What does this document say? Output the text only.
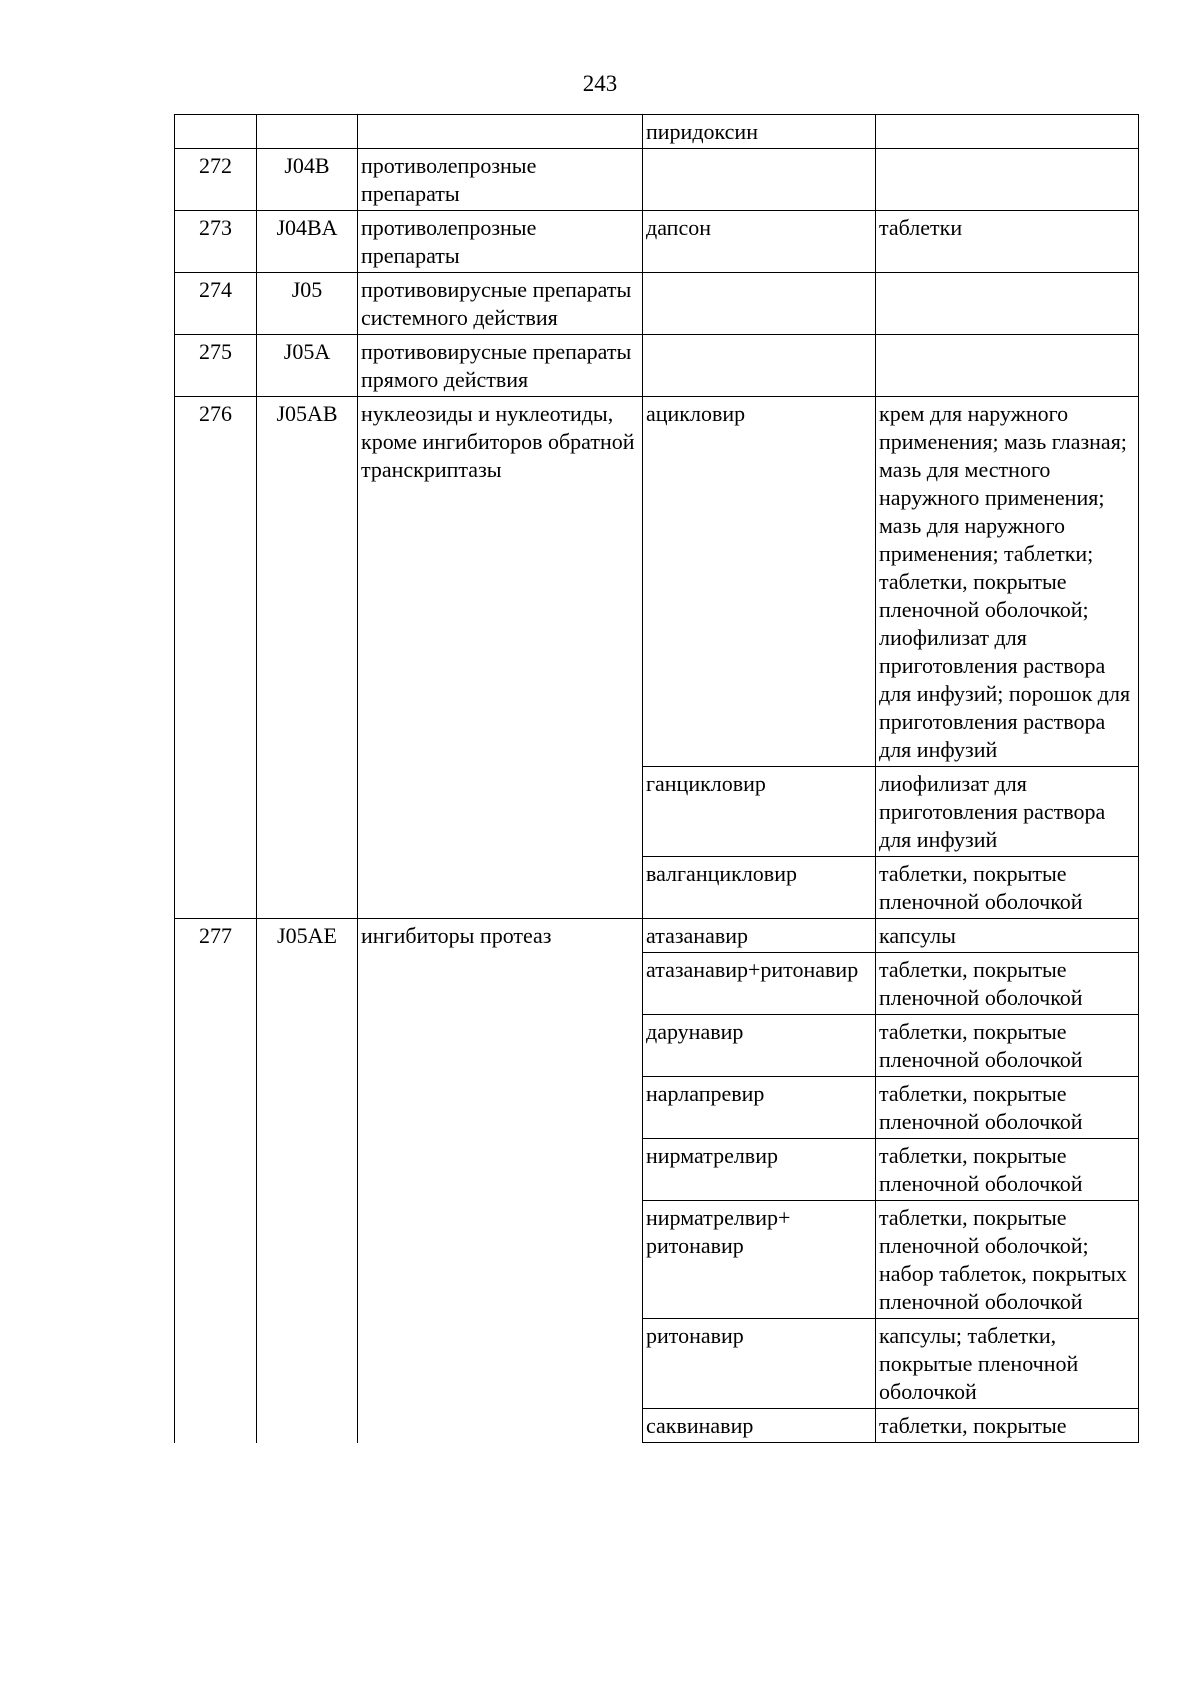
243
			пиридоксин	
272	J04B	противолепрозные препараты		
273	J04BA	противолепрозные препараты	дапсон	таблетки
274	J05	противовирусные препараты системного действия		
275	J05A	противовирусные препараты прямого действия		
276	J05AB	нуклеозиды и нуклеотиды, кроме ингибиторов обратной транскриптазы	ацикловир	крем для наружного применения; мазь глазная; мазь для местного наружного применения; мазь для наружного применения; таблетки; таблетки, покрытые пленочной оболочкой; лиофилизат для приготовления раствора для инфузий; порошок для приготовления раствора для инфузий
			ганцикловир	лиофилизат для приготовления раствора для инфузий
			валганцикловир	таблетки, покрытые пленочной оболочкой
277	J05AE	ингибиторы протеаз	атазанавир	капсулы
			атазанавир+ритонавир	таблетки, покрытые пленочной оболочкой
			дарунавир	таблетки, покрытые пленочной оболочкой
			нарлапревир	таблетки, покрытые пленочной оболочкой
			нирматрелвир	таблетки, покрытые пленочной оболочкой
			нирматрелвир+ ритонавир	таблетки, покрытые пленочной оболочкой; набор таблеток, покрытых пленочной оболочкой
			ритонавир	капсулы; таблетки, покрытые пленочной оболочкой
			саквинавир	таблетки, покрытые
